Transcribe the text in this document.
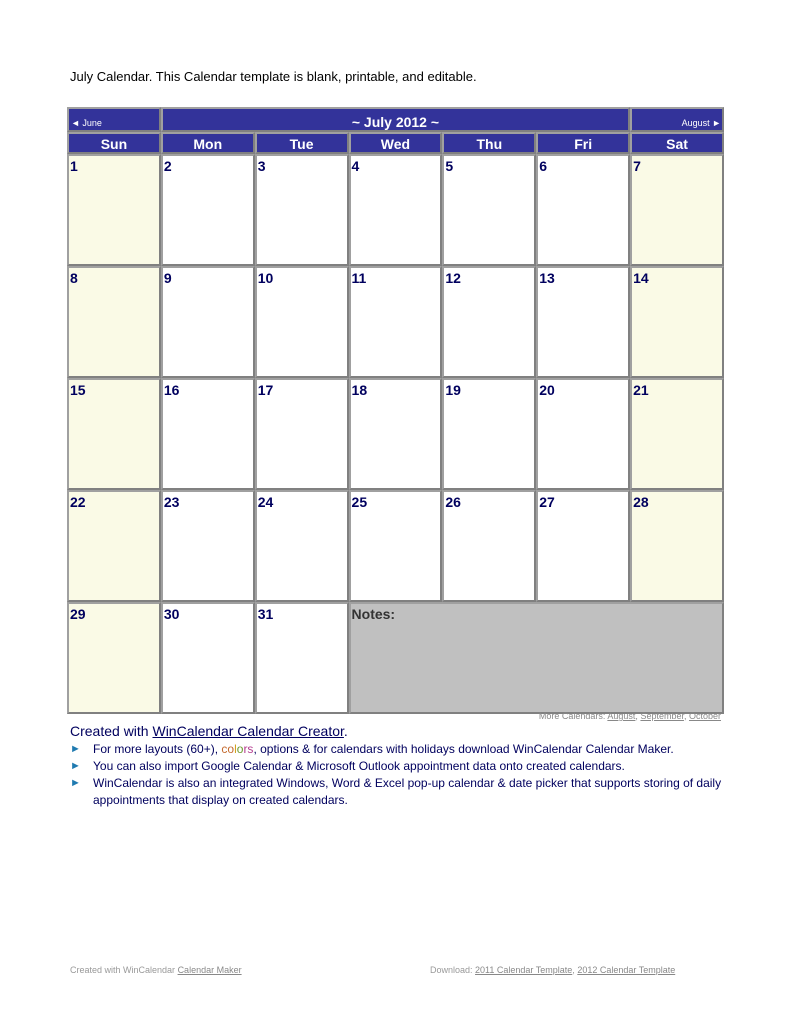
July Calendar. This Calendar template is blank, printable, and editable.
◄ June	~ July 2012 ~					August ►
Sun	Mon	Tue	Wed	Thu	Fri	Sat

1	2	3	4	5	6	7

8	9	10	11	12	13	14

15	16	17	18	19	20	21

22	23	24	25	26	27	28

29	30	31	Notes:			
More Calendars: August, September, October
Created with WinCalendar Calendar Creator.
► For more layouts (60+), colors, options & for calendars with holidays download WinCalendar Calendar Maker.
► You can also import Google Calendar & Microsoft Outlook appointment data onto created calendars.
► WinCalendar is also an integrated Windows, Word & Excel pop-up calendar & date picker that supports storing of daily appointments that display on created calendars.
Created with WinCalendar Calendar Maker	Download: 2011 Calendar Template, 2012 Calendar Template
